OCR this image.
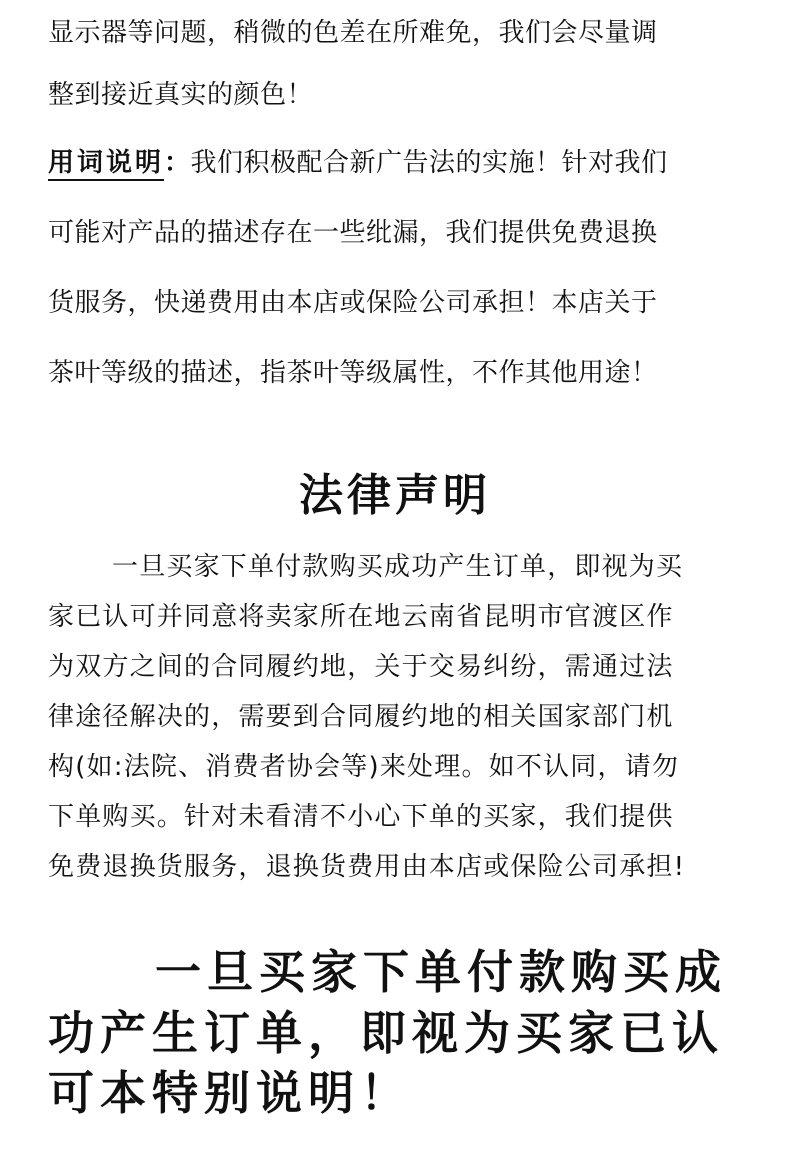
显示器等问题，稍微的色差在所难免，我们会尽量调
整到接近真实的颜色！
用词说明：我们积极配合新广告法的实施！针对我们
可能对产品的描述存在一些纰漏，我们提供免费退换
货服务，快递费用由本店或保险公司承担！本店关于
茶叶等级的描述，指茶叶等级属性，不作其他用途！
法律声明
一旦买家下单付款购买成功产生订单，即视为买
家已认可并同意将卖家所在地云南省昆明市官渡区作
为双方之间的合同履约地，关于交易纠纷，需通过法
律途径解决的，需要到合同履约地的相关国家部门机
构(如:法院、消费者协会等)来处理。如不认同，请勿
下单购买。针对未看清不小心下单的买家，我们提供
免费退换货服务，退换货费用由本店或保险公司承担!
一旦买家下单付款购买成
功产生订单，即视为买家已认
可本特别说明！
